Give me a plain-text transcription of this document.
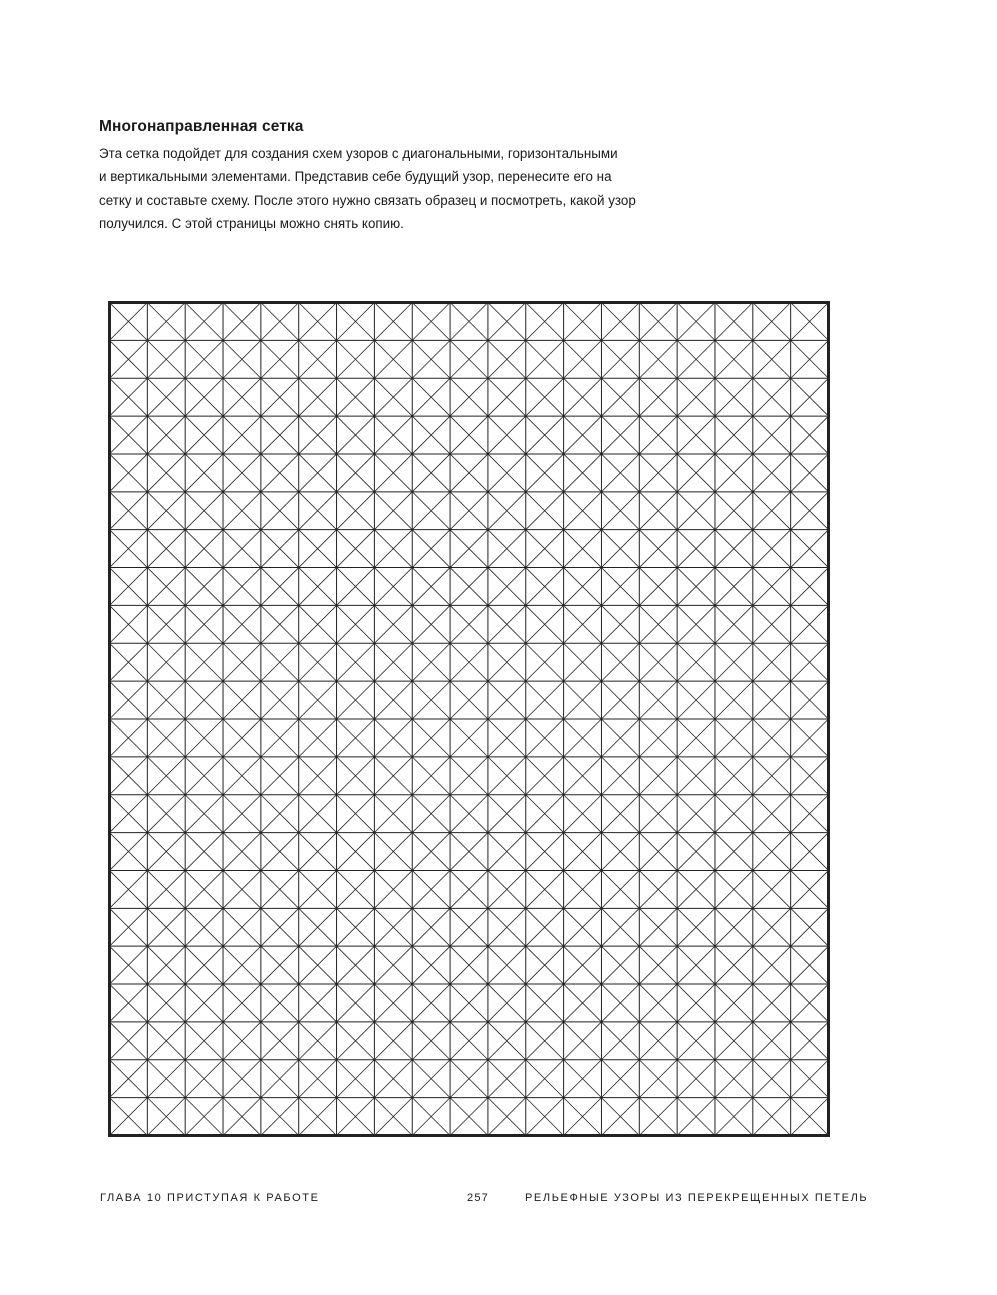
Многонаправленная сетка
Эта сетка подойдет для создания схем узоров с диагональными, горизонтальными
и вертикальными элементами. Представив себе будущий узор, перенесите его на
сетку и составьте схему. После этого нужно связать образец и посмотреть, какой узор
получился. С этой страницы можно снять копию.
ГЛАВА 10 ПРИСТУПАЯ К РАБОТЕ	257	РЕЛЬЕФНЫЕ УЗОРЫ ИЗ ПЕРЕКРЕЩЕННЫХ ПЕТЕЛЬ
